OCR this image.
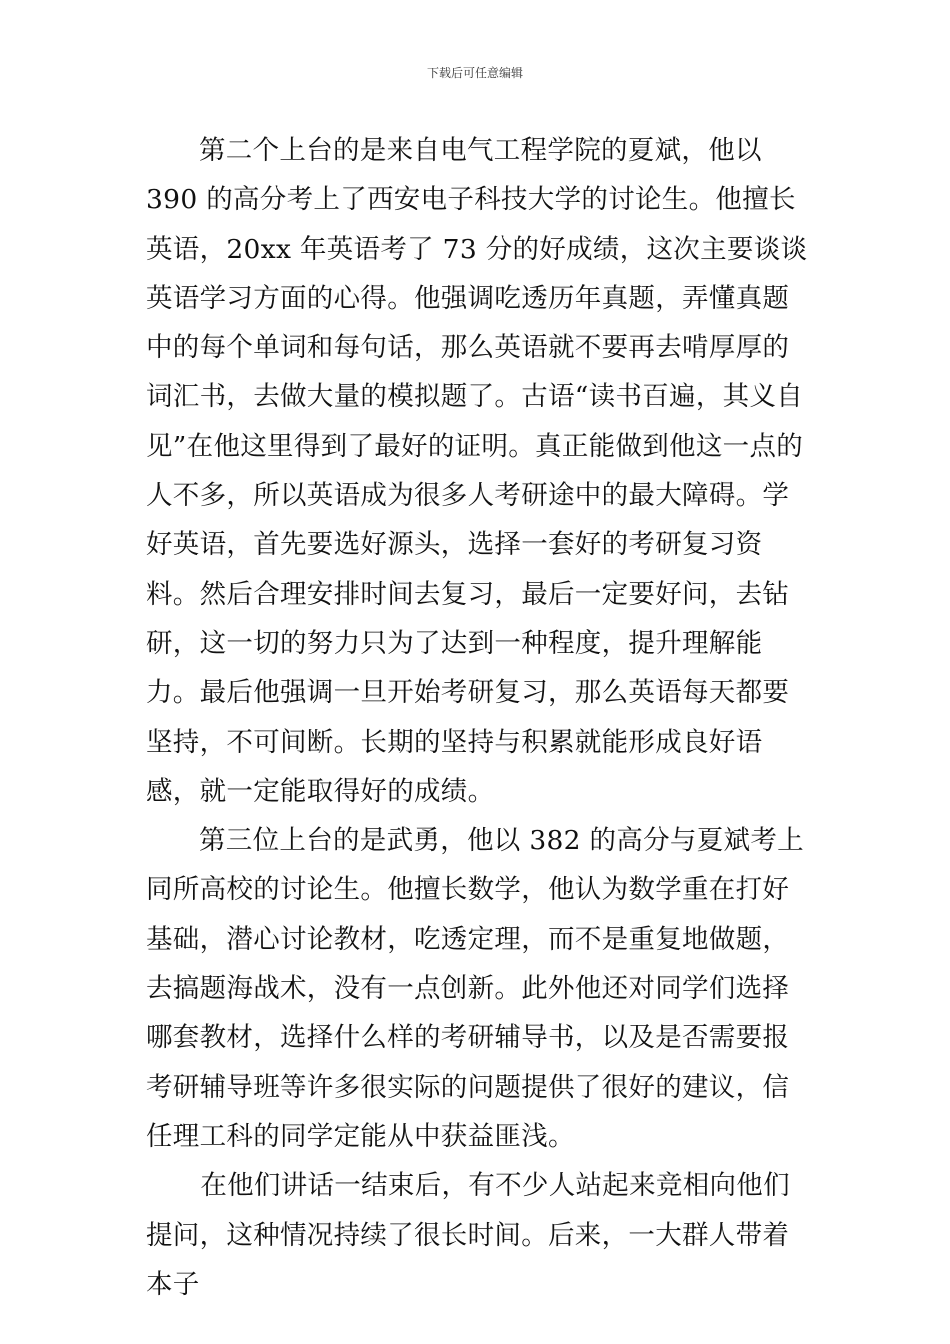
下载后可任意编辑

第二个上台的是来自电气工程学院的夏斌，他以 390 的高分考上了西安电子科技大学的讨论生。他擅长英语，20xx 年英语考了 73 分的好成绩，这次主要谈谈英语学习方面的心得。他强调吃透历年真题，弄懂真题中的每个单词和每句话，那么英语就不要再去啃厚厚的词汇书，去做大量的模拟题了。古语“读书百遍，其义自见”在他这里得到了最好的证明。真正能做到他这一点的人不多，所以英语成为很多人考研途中的最大障碍。学好英语，首先要选好源头，选择一套好的考研复习资料。然后合理安排时间去复习，最后一定要好问，去钻研，这一切的努力只为了达到一种程度，提升理解能力。最后他强调一旦开始考研复习，那么英语每天都要坚持，不可间断。长期的坚持与积累就能形成良好语感，就一定能取得好的成绩。

第三位上台的是武勇，他以 382 的高分与夏斌考上同所高校的讨论生。他擅长数学，他认为数学重在打好基础，潜心讨论教材，吃透定理，而不是重复地做题，去搞题海战术，没有一点创新。此外他还对同学们选择哪套教材，选择什么样的考研辅导书，以及是否需要报考研辅导班等许多很实际的问题提供了很好的建议，信任理工科的同学定能从中获益匪浅。

在他们讲话一结束后，有不少人站起来竞相向他们提问，这种情况持续了很长时间。后来，一大群人带着本子
